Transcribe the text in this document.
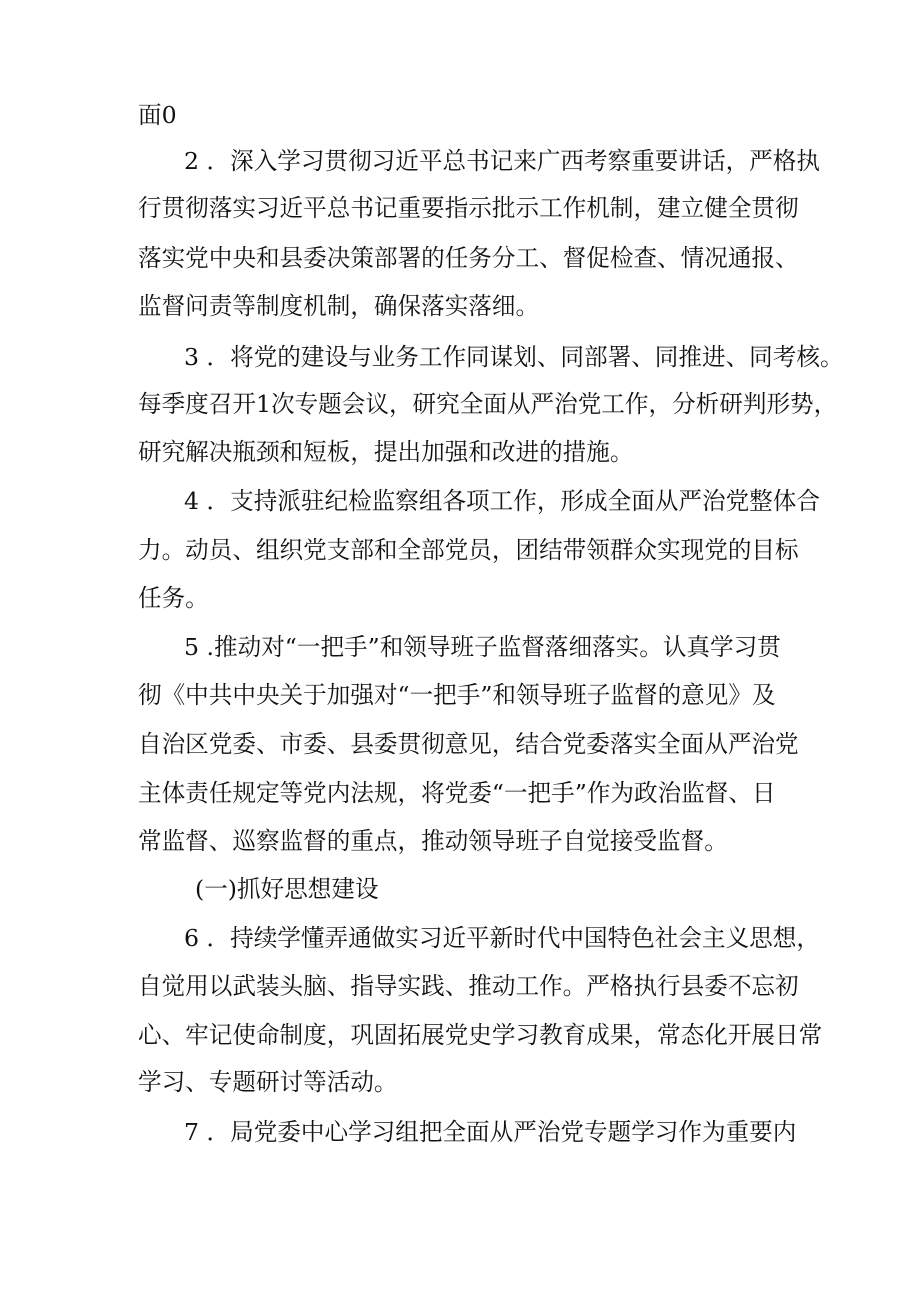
面0
2 ．深入学习贯彻习近平总书记来广西考察重要讲话，严格执
行贯彻落实习近平总书记重要指示批示工作机制，建立健全贯彻
落实党中央和县委决策部署的任务分工、督促检查、情况通报、
监督问责等制度机制，确保落实落细。
3 ．将党的建设与业务工作同谋划、同部署、同推进、同考核。
每季度召开1次专题会议，研究全面从严治党工作，分析研判形势，
研究解决瓶颈和短板，提出加强和改进的措施。
4 ．支持派驻纪检监察组各项工作，形成全面从严治党整体合
力。动员、组织党支部和全部党员，团结带领群众实现党的目标
任务。
5 .推动对“一把手”和领导班子监督落细落实。认真学习贯
彻《中共中央关于加强对“一把手”和领导班子监督的意见》及
自治区党委、市委、县委贯彻意见，结合党委落实全面从严治党
主体责任规定等党内法规，将党委“一把手”作为政治监督、日
常监督、巡察监督的重点，推动领导班子自觉接受监督。
(一)抓好思想建设
6 ．持续学懂弄通做实习近平新时代中国特色社会主义思想，
自觉用以武装头脑、指导实践、推动工作。严格执行县委不忘初
心、牢记使命制度，巩固拓展党史学习教育成果，常态化开展日常
学习、专题研讨等活动。
7 ．局党委中心学习组把全面从严治党专题学习作为重要内
